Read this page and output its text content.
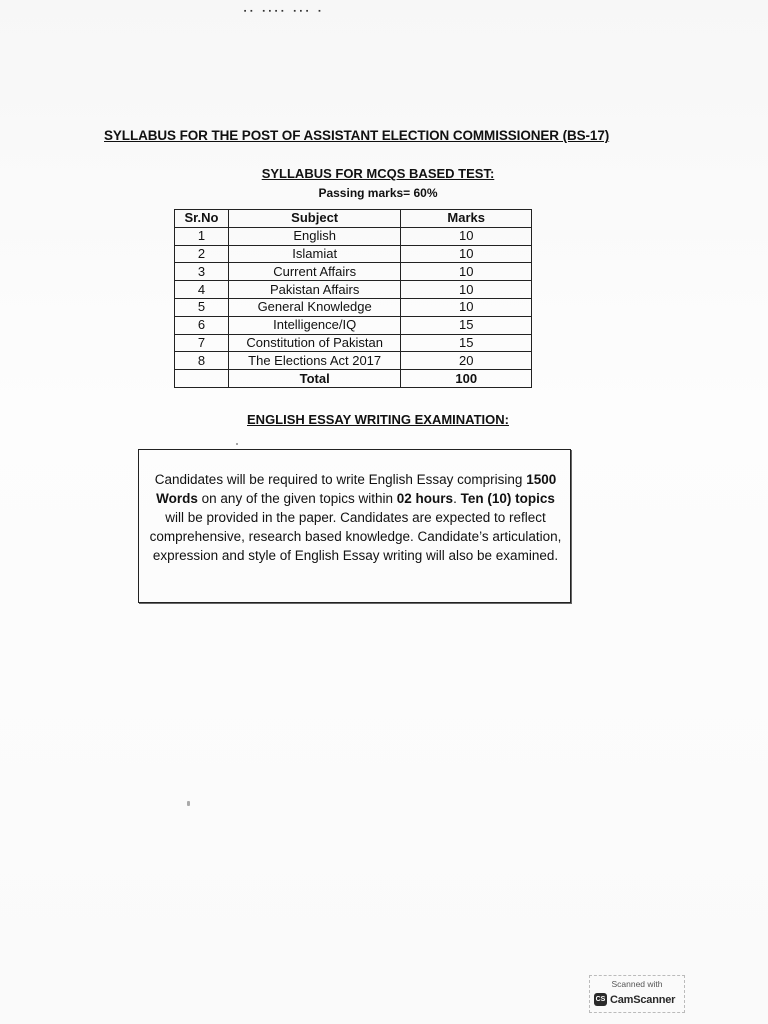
▪▪ ▪▪▪▪ ▪▪▪ ▪
SYLLABUS FOR THE POST OF ASSISTANT ELECTION COMMISSIONER (BS-17)
SYLLABUS FOR MCQS BASED TEST:
Passing marks= 60%
Sr.No	Subject	Marks
1	English	10
2	Islamiat	10
3	Current Affairs	10
4	Pakistan Affairs	10
5	General Knowledge	10
6	Intelligence/IQ	15
7	Constitution of Pakistan	15
8	The Elections Act 2017	20
	Total	100
ENGLISH ESSAY WRITING EXAMINATION:
Candidates will be required to write English Essay comprising 1500 Words on any of the given topics within 02 hours. Ten (10) topics will be provided in the paper. Candidates are expected to reflect comprehensive, research based knowledge. Candidate’s articulation, expression and style of English Essay writing will also be examined.
Scanned with
CS CamScanner
